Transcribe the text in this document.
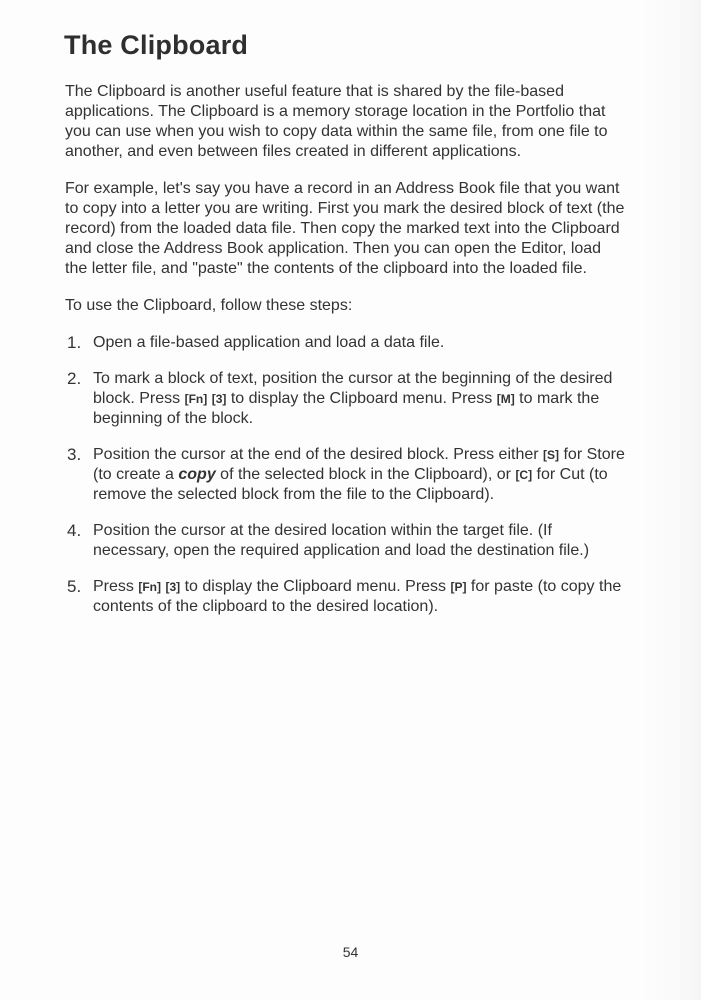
The Clipboard

The Clipboard is another useful feature that is shared by the file-based applications. The Clipboard is a memory storage location in the Portfolio that you can use when you wish to copy data within the same file, from one file to another, and even between files created in different applications.

For example, let's say you have a record in an Address Book file that you want to copy into a letter you are writing. First you mark the desired block of text (the record) from the loaded data file. Then copy the marked text into the Clipboard and close the Address Book application. Then you can open the Editor, load the letter file, and "paste" the contents of the clipboard into the loaded file.

To use the Clipboard, follow these steps:

1. Open a file-based application and load a data file.
2. To mark a block of text, position the cursor at the beginning of the desired block. Press [Fn] [3] to display the Clipboard menu. Press [M] to mark the beginning of the block.
3. Position the cursor at the end of the desired block. Press either [S] for Store (to create a copy of the selected block in the Clipboard), or [C] for Cut (to remove the selected block from the file to the Clipboard).
4. Position the cursor at the desired location within the target file. (If necessary, open the required application and load the destination file.)
5. Press [Fn] [3] to display the Clipboard menu. Press [P] for paste (to copy the contents of the clipboard to the desired location).
54
